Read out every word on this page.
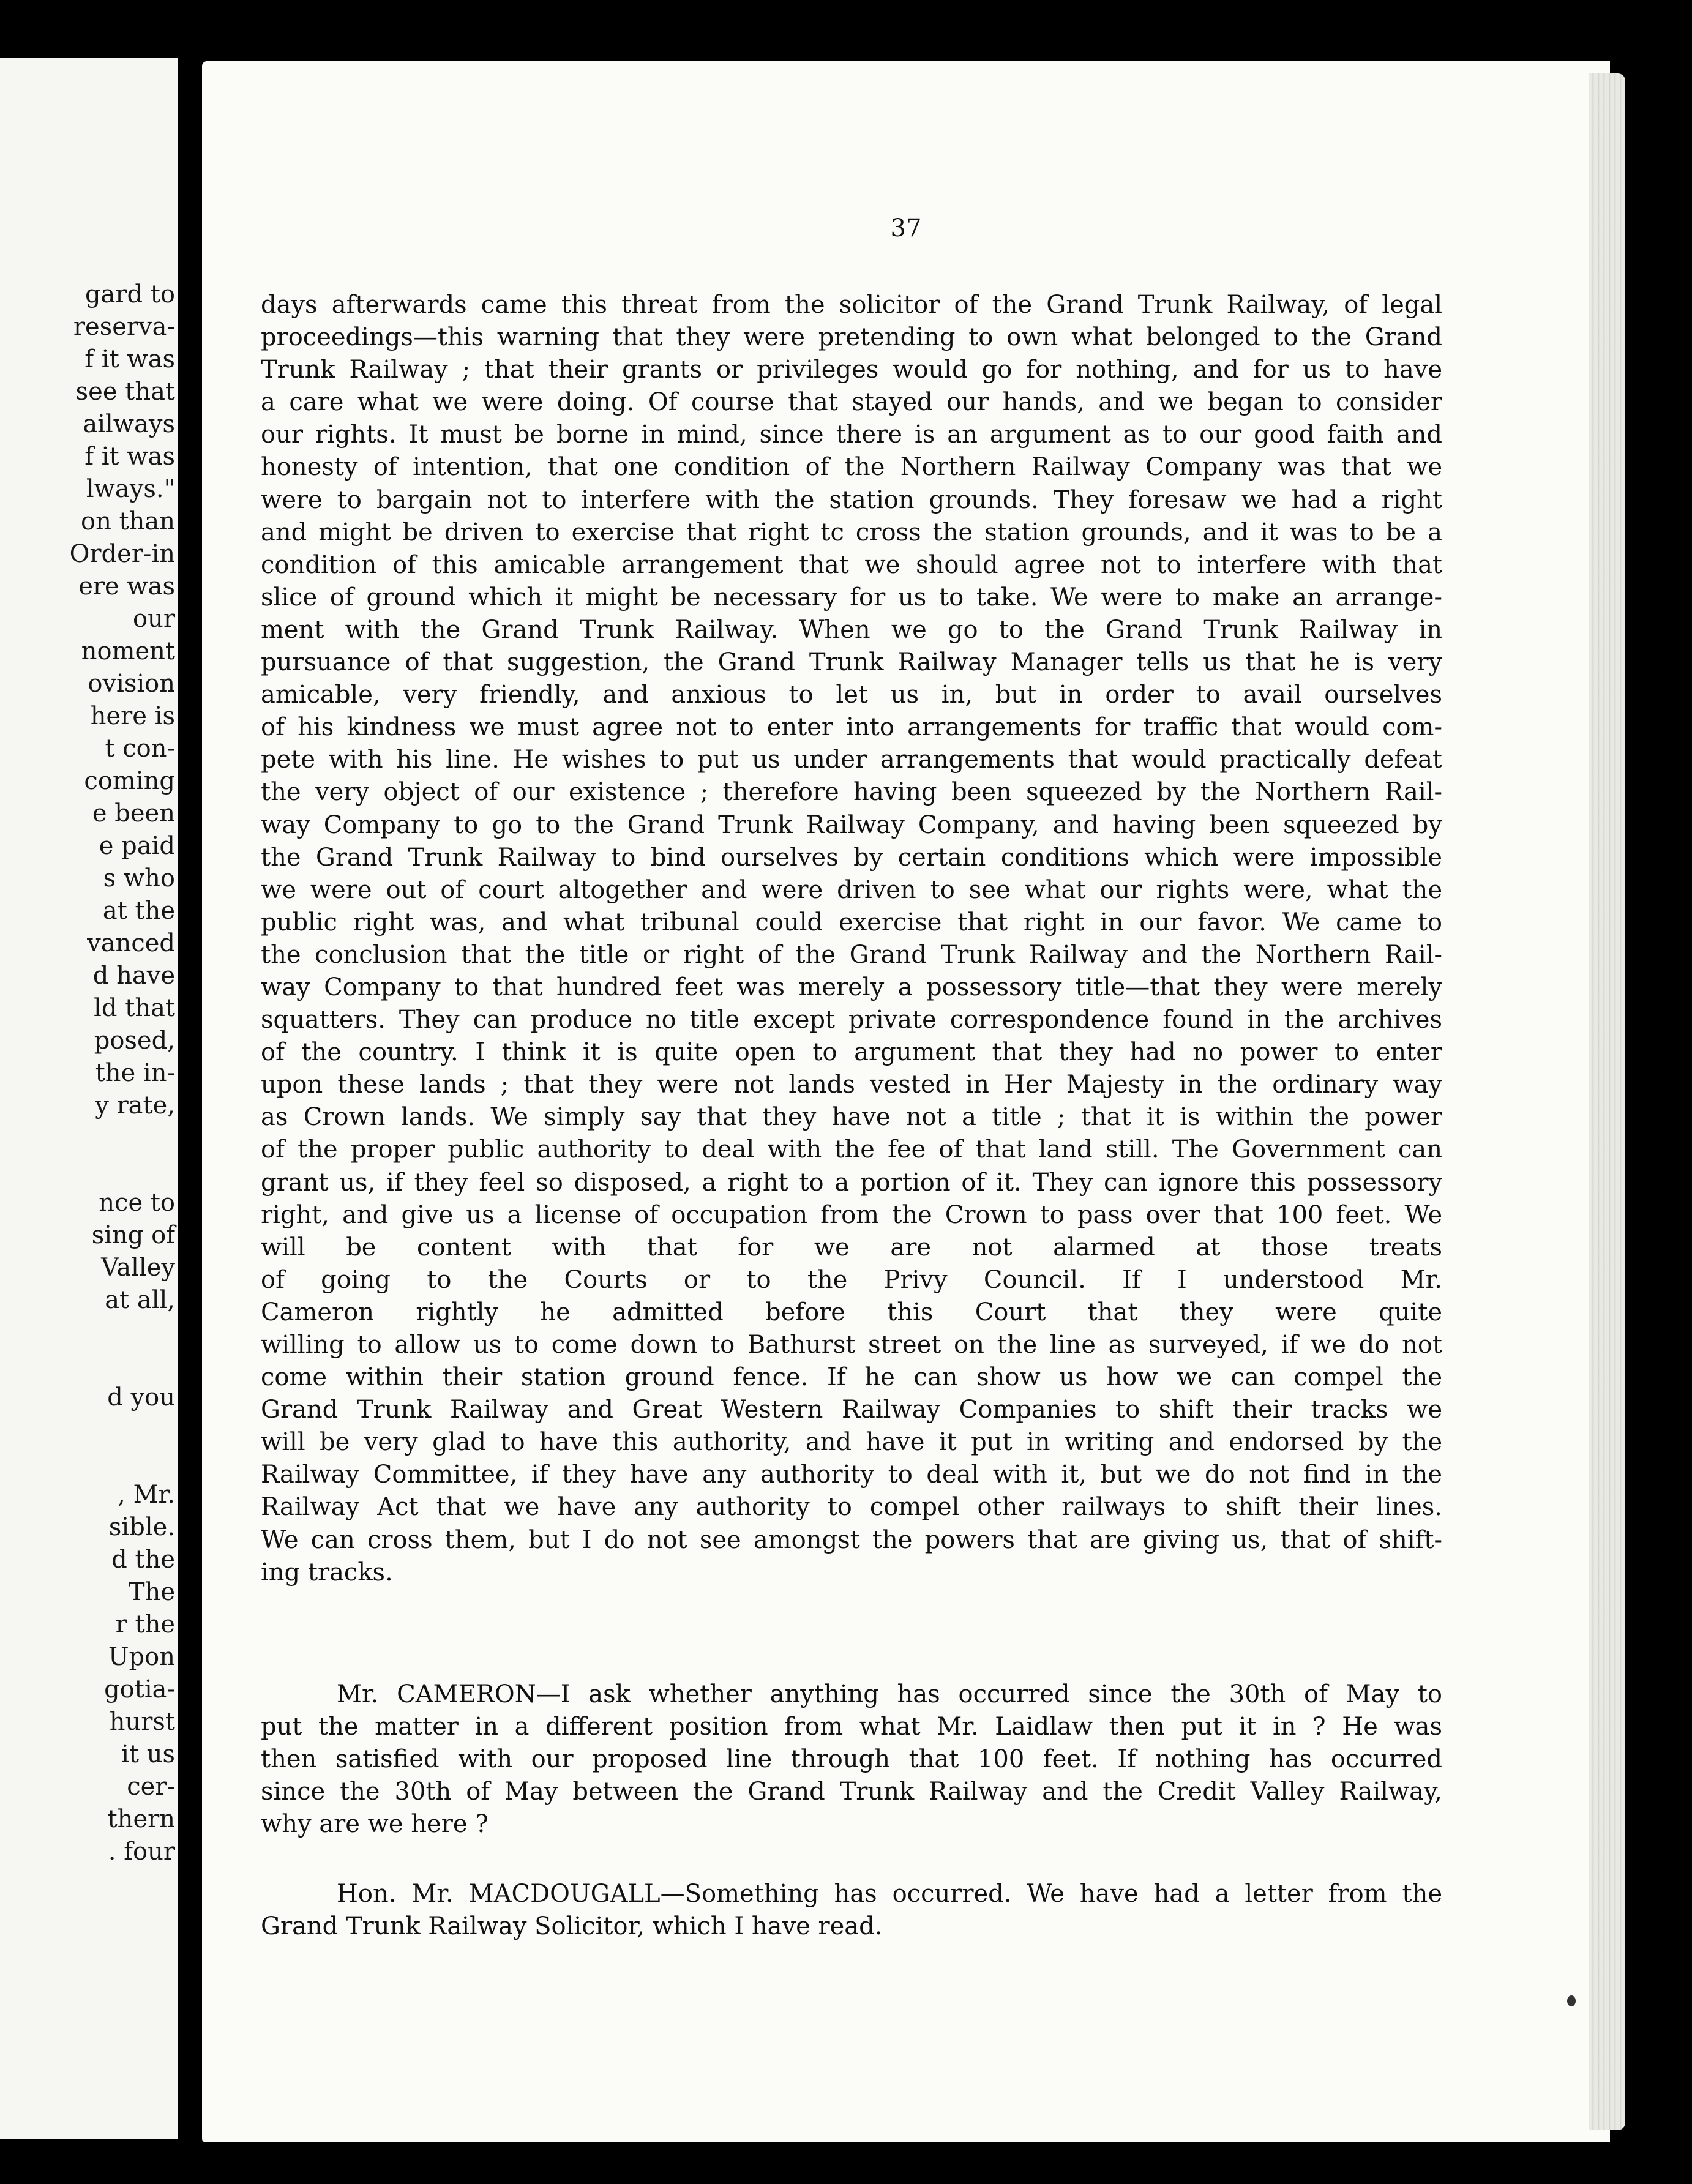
gard to
reserva-
f it was
see that
ailways
f it was
lways."
on than
Order-in
ere was
our
noment
ovision
here is
t con-
coming
e been
e paid
s who
at the
vanced
d have
ld that
posed,
the in-
y rate,
nce to
sing of
Valley
at all,
d you
, Mr.
sible.
d the
The
r the
Upon
gotia-
hurst
it us
cer-
thern
. four
37
days afterwards came this threat from the solicitor of the Grand Trunk Railway, of legal
proceedings—this warning that they were pretending to own what belonged to the Grand
Trunk Railway ; that their grants or privileges would go for nothing, and for us to have
a care what we were doing. Of course that stayed our hands, and we began to consider
our rights. It must be borne in mind, since there is an argument as to our good faith and
honesty of intention, that one condition of the Northern Railway Company was that we
were to bargain not to interfere with the station grounds. They foresaw we had a right
and might be driven to exercise that right tc cross the station grounds, and it was to be a
condition of this amicable arrangement that we should agree not to interfere with that
slice of ground which it might be necessary for us to take. We were to make an arrange-
ment with the Grand Trunk Railway. When we go to the Grand Trunk Railway in
pursuance of that suggestion, the Grand Trunk Railway Manager tells us that he is very
amicable, very friendly, and anxious to let us in, but in order to avail ourselves
of his kindness we must agree not to enter into arrangements for traffic that would com-
pete with his line. He wishes to put us under arrangements that would practically defeat
the very object of our existence ; therefore having been squeezed by the Northern Rail-
way Company to go to the Grand Trunk Railway Company, and having been squeezed by
the Grand Trunk Railway to bind ourselves by certain conditions which were impossible
we were out of court altogether and were driven to see what our rights were, what the
public right was, and what tribunal could exercise that right in our favor. We came to
the conclusion that the title or right of the Grand Trunk Railway and the Northern Rail-
way Company to that hundred feet was merely a possessory title—that they were merely
squatters. They can produce no title except private correspondence found in the archives
of the country. I think it is quite open to argument that they had no power to enter
upon these lands ; that they were not lands vested in Her Majesty in the ordinary way
as Crown lands. We simply say that they have not a title ; that it is within the power
of the proper public authority to deal with the fee of that land still. The Government can
grant us, if they feel so disposed, a right to a portion of it. They can ignore this possessory
right, and give us a license of occupation from the Crown to pass over that 100 feet. We
will be content with that for we are not alarmed at those treats
of going to the Courts or to the Privy Council. If I understood Mr.
Cameron rightly he admitted before this Court that they were quite
willing to allow us to come down to Bathurst street on the line as surveyed, if we do not
come within their station ground fence. If he can show us how we can compel the
Grand Trunk Railway and Great Western Railway Companies to shift their tracks we
will be very glad to have this authority, and have it put in writing and endorsed by the
Railway Committee, if they have any authority to deal with it, but we do not find in the
Railway Act that we have any authority to compel other railways to shift their lines.
We can cross them, but I do not see amongst the powers that are giving us, that of shift-
ing tracks.
Mr. CAMERON—I ask whether anything has occurred since the 30th of May to
put the matter in a different position from what Mr. Laidlaw then put it in ? He was
then satisfied with our proposed line through that 100 feet. If nothing has occurred
since the 30th of May between the Grand Trunk Railway and the Credit Valley Railway,
why are we here ?
Hon. Mr. MACDOUGALL—Something has occurred. We have had a letter from the
Grand Trunk Railway Solicitor, which I have read.
